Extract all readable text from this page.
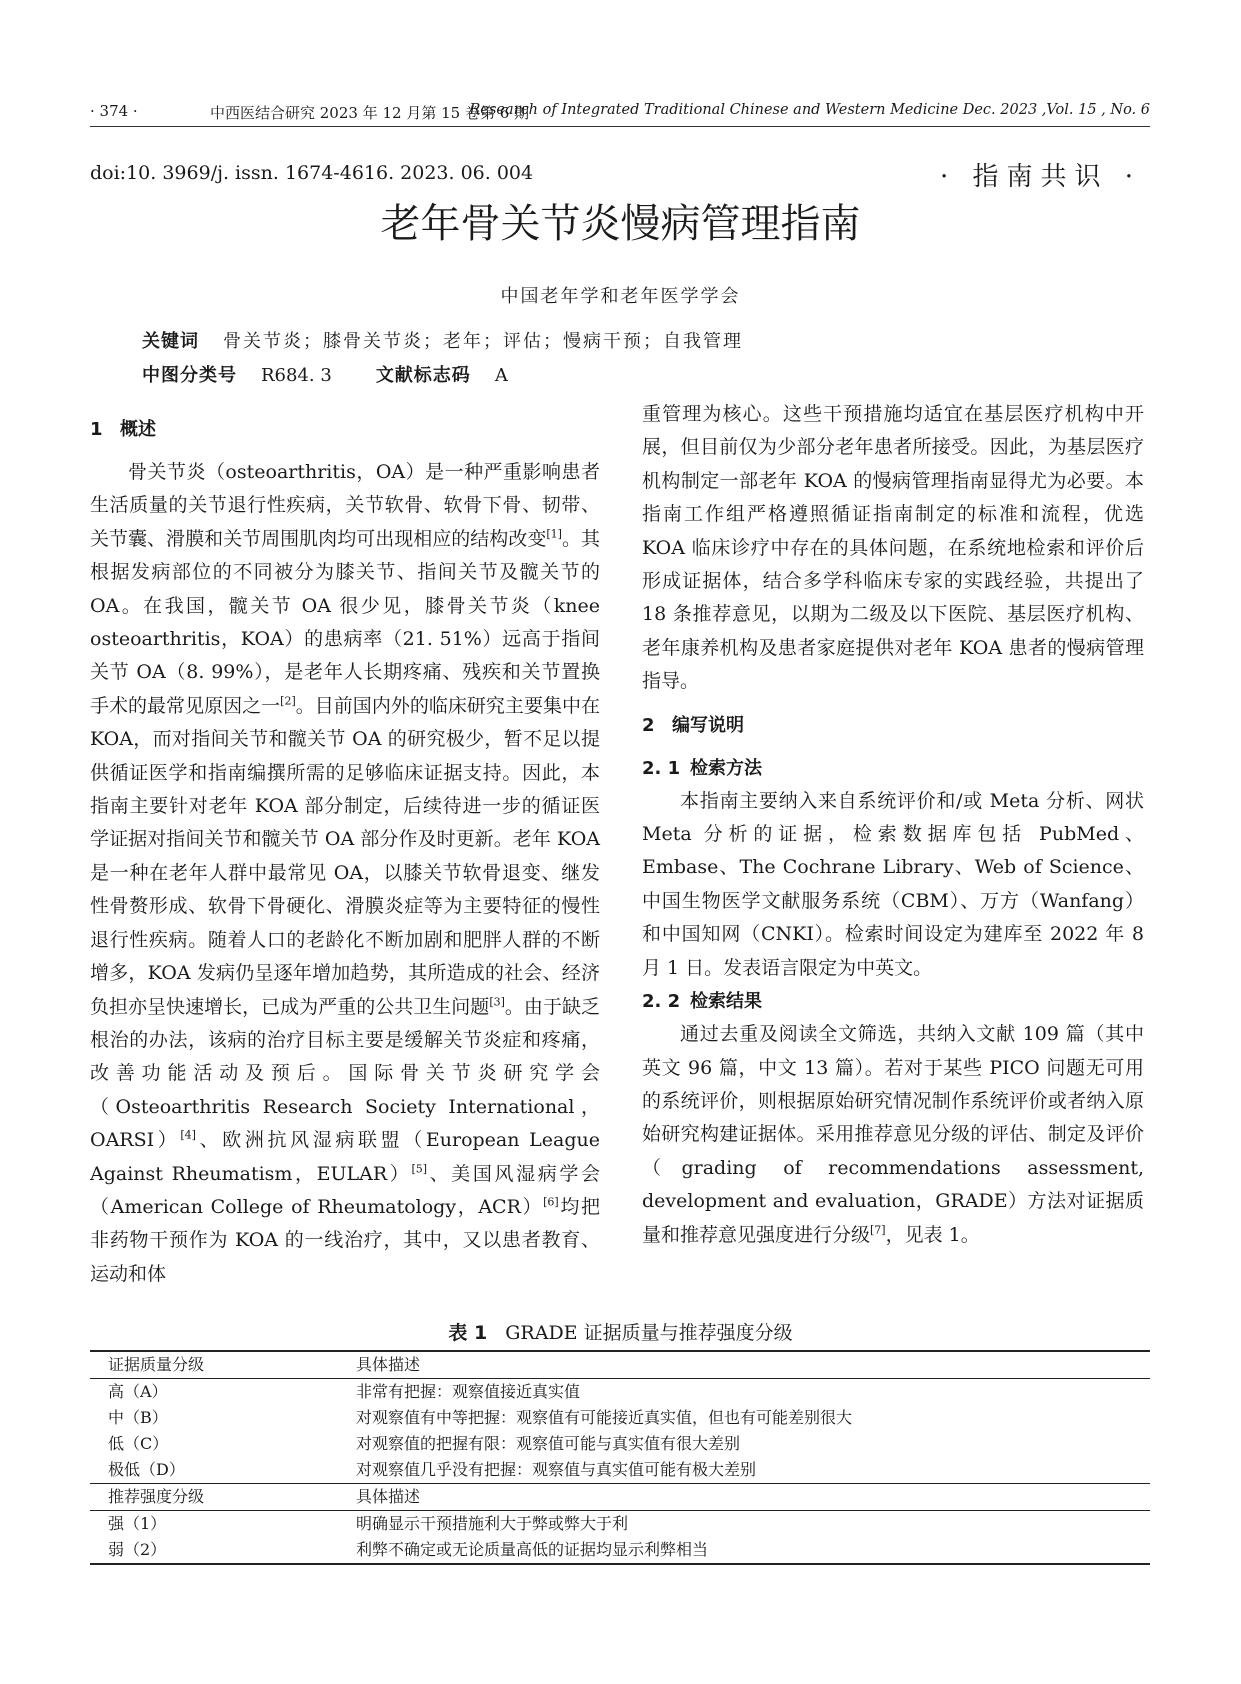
· 374 ·	中西医结合研究 2023 年 12 月第 15 卷第 6 期
Research of Integrated Traditional Chinese and Western Medicine Dec. 2023 ,Vol. 15 , No. 6
doi:10. 3969/j. issn. 1674-4616. 2023. 06. 004	· 指南共识 ·
老年骨关节炎慢病管理指南
中国老年学和老年医学学会
关键词 骨关节炎；膝骨关节炎；老年；评估；慢病干预；自我管理
中图分类号 R684. 3 文献标志码 A
1 概述

骨关节炎（osteoarthritis，OA）是一种严重影响患者生活质量的关节退行性疾病，关节软骨、软骨下骨、韧带、关节囊、滑膜和关节周围肌肉均可出现相应的结构改变[1]。其根据发病部位的不同被分为膝关节、指间关节及髋关节的 OA。在我国，髋关节 OA 很少见，膝骨关节炎（knee osteoarthritis，KOA）的患病率（21. 51%）远高于指间关节 OA（8. 99%），是老年人长期疼痛、残疾和关节置换手术的最常见原因之一[2]。目前国内外的临床研究主要集中在 KOA，而对指间关节和髋关节 OA 的研究极少，暂不足以提供循证医学和指南编撰所需的足够临床证据支持。因此，本指南主要针对老年 KOA 部分制定，后续待进一步的循证医学证据对指间关节和髋关节 OA 部分作及时更新。老年 KOA 是一种在老年人群中最常见 OA，以膝关节软骨退变、继发性骨赘形成、软骨下骨硬化、滑膜炎症等为主要特征的慢性退行性疾病。随着人口的老龄化不断加剧和肥胖人群的不断增多，KOA 发病仍呈逐年增加趋势，其所造成的社会、经济负担亦呈快速增长，已成为严重的公共卫生问题[3]。由于缺乏根治的办法，该病的治疗目标主要是缓解关节炎症和疼痛，改善功能活动及预后。国际骨关节炎研究学会（Osteoarthritis Research Society International，OARSI）[4]、欧洲抗风湿病联盟（European League Against Rheumatism，EULAR）[5]、美国风湿病学会（American College of Rheumatology，ACR）[6]均把非药物干预作为 KOA 的一线治疗，其中，又以患者教育、运动和体

重管理为核心。这些干预措施均适宜在基层医疗机构中开展，但目前仅为少部分老年患者所接受。因此，为基层医疗机构制定一部老年 KOA 的慢病管理指南显得尤为必要。本指南工作组严格遵照循证指南制定的标准和流程，优选 KOA 临床诊疗中存在的具体问题，在系统地检索和评价后形成证据体，结合多学科临床专家的实践经验，共提出了 18 条推荐意见，以期为二级及以下医院、基层医疗机构、老年康养机构及患者家庭提供对老年 KOA 患者的慢病管理指导。

2 编写说明
2. 1 检索方法

本指南主要纳入来自系统评价和/或 Meta 分析、网状 Meta 分析的证据，检索数据库包括 PubMed、Embase、The Cochrane Library、Web of Science、中国生物医学文献服务系统（CBM）、万方（Wanfang）和中国知网（CNKI）。检索时间设定为建库至 2022 年 8 月 1 日。发表语言限定为中英文。

2. 2 检索结果

通过去重及阅读全文筛选，共纳入文献 109 篇（其中英文 96 篇，中文 13 篇）。若对于某些 PICO 问题无可用的系统评价，则根据原始研究情况制作系统评价或者纳入原始研究构建证据体。采用推荐意见分级的评估、制定及评价（grading of recommendations assessment, development and evaluation，GRADE）方法对证据质量和推荐意见强度进行分级[7]，见表 1。

表 1 GRADE 证据质量与推荐强度分级
证据质量分级	具体描述
高（A）	非常有把握：观察值接近真实值
中（B）	对观察值有中等把握：观察值有可能接近真实值，但也有可能差别很大
低（C）	对观察值的把握有限：观察值可能与真实值有很大差别
极低（D）	对观察值几乎没有把握：观察值与真实值可能有极大差别
推荐强度分级	具体描述
强（1）	明确显示干预措施利大于弊或弊大于利
弱（2）	利弊不确定或无论质量高低的证据均显示利弊相当
